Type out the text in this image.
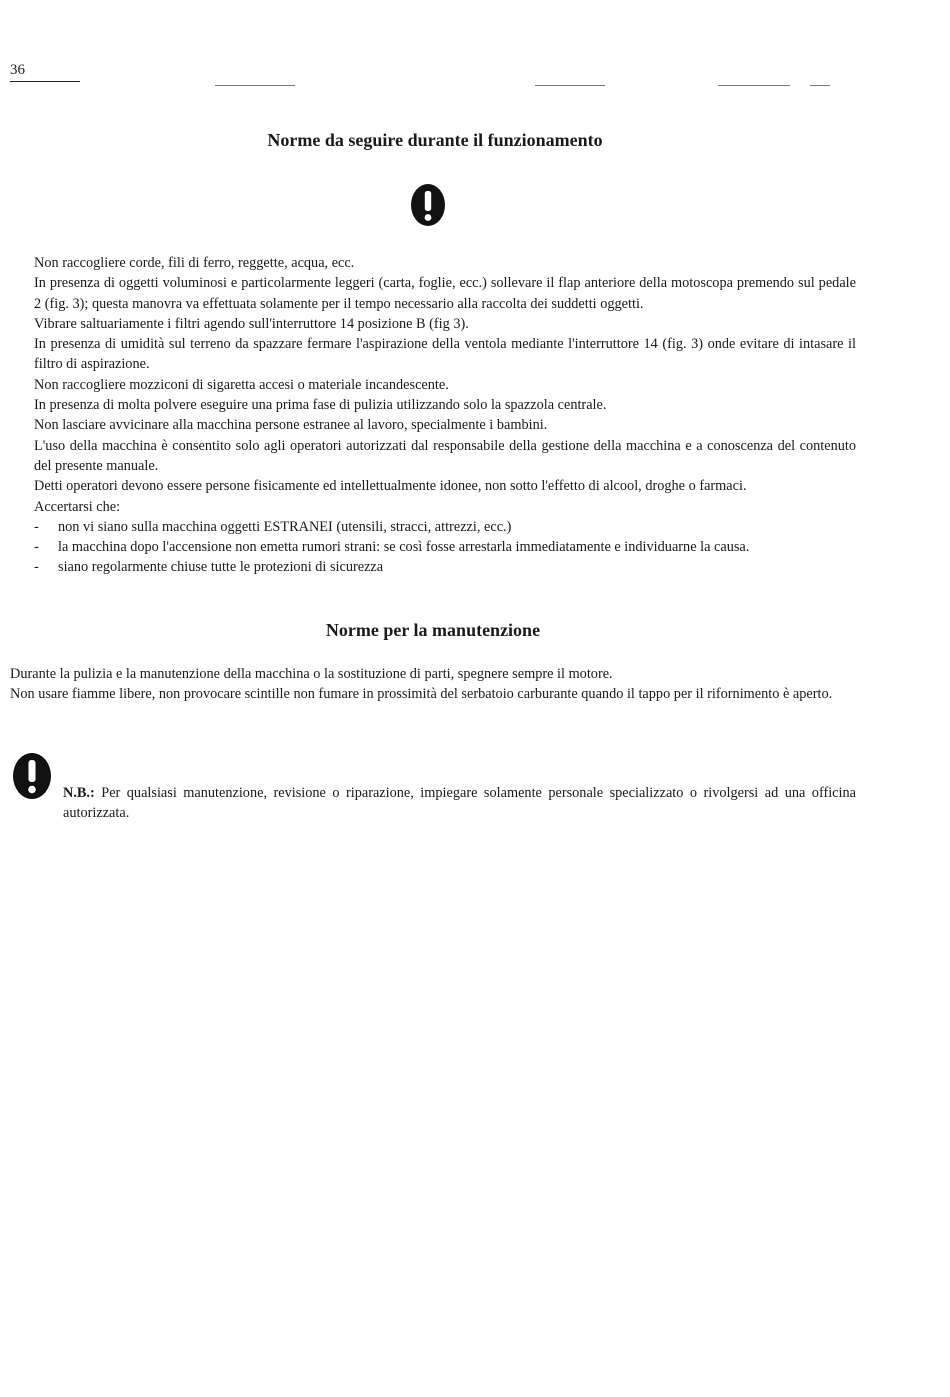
36
Norme da seguire durante il funzionamento

Non raccogliere corde, fili di ferro, reggette, acqua, ecc.

In presenza di oggetti voluminosi e particolarmente leggeri (carta, foglie, ecc.) sollevare il flap anteriore della motoscopa premendo sul pedale 2 (fig. 3); questa manovra va effettuata solamente per il tempo necessario alla raccolta dei suddetti oggetti.

Vibrare saltuariamente i filtri agendo sull'interruttore 14 posizione B (fig 3).

In presenza di umidità sul terreno da spazzare fermare l'aspirazione della ventola mediante l'interruttore 14 (fig. 3) onde evitare di intasare il filtro di aspirazione.

Non raccogliere mozziconi di sigaretta accesi o materiale incandescente.

In presenza di molta polvere eseguire una prima fase di pulizia utilizzando solo la spazzola centrale.

Non lasciare avvicinare alla macchina persone estranee al lavoro, specialmente i bambini.

L'uso della macchina è consentito solo agli operatori autorizzati dal responsabile della gestione della macchina e a conoscenza del contenuto del presente manuale.

Detti operatori devono essere persone fisicamente ed intellettualmente idonee, non sotto l'effetto di alcool, droghe o farmaci.

Accertarsi che:

-	non vi siano sulla macchina oggetti ESTRANEI (utensili, stracci, attrezzi, ecc.)
-	la macchina dopo l'accensione non emetta rumori strani: se così fosse arrestarla immediatamente e individuarne la causa.
-	siano regolarmente chiuse tutte le protezioni di sicurezza
Norme per la manutenzione

Durante la pulizia e la manutenzione della macchina o la sostituzione di parti, spegnere sempre il motore.

Non usare fiamme libere, non provocare scintille non fumare in prossimità del serbatoio carburante quando il tappo per il rifornimento è aperto.

N.B.: Per qualsiasi manutenzione, revisione o riparazione, impiegare solamente personale specializzato o rivolgersi ad una officina autorizzata.
